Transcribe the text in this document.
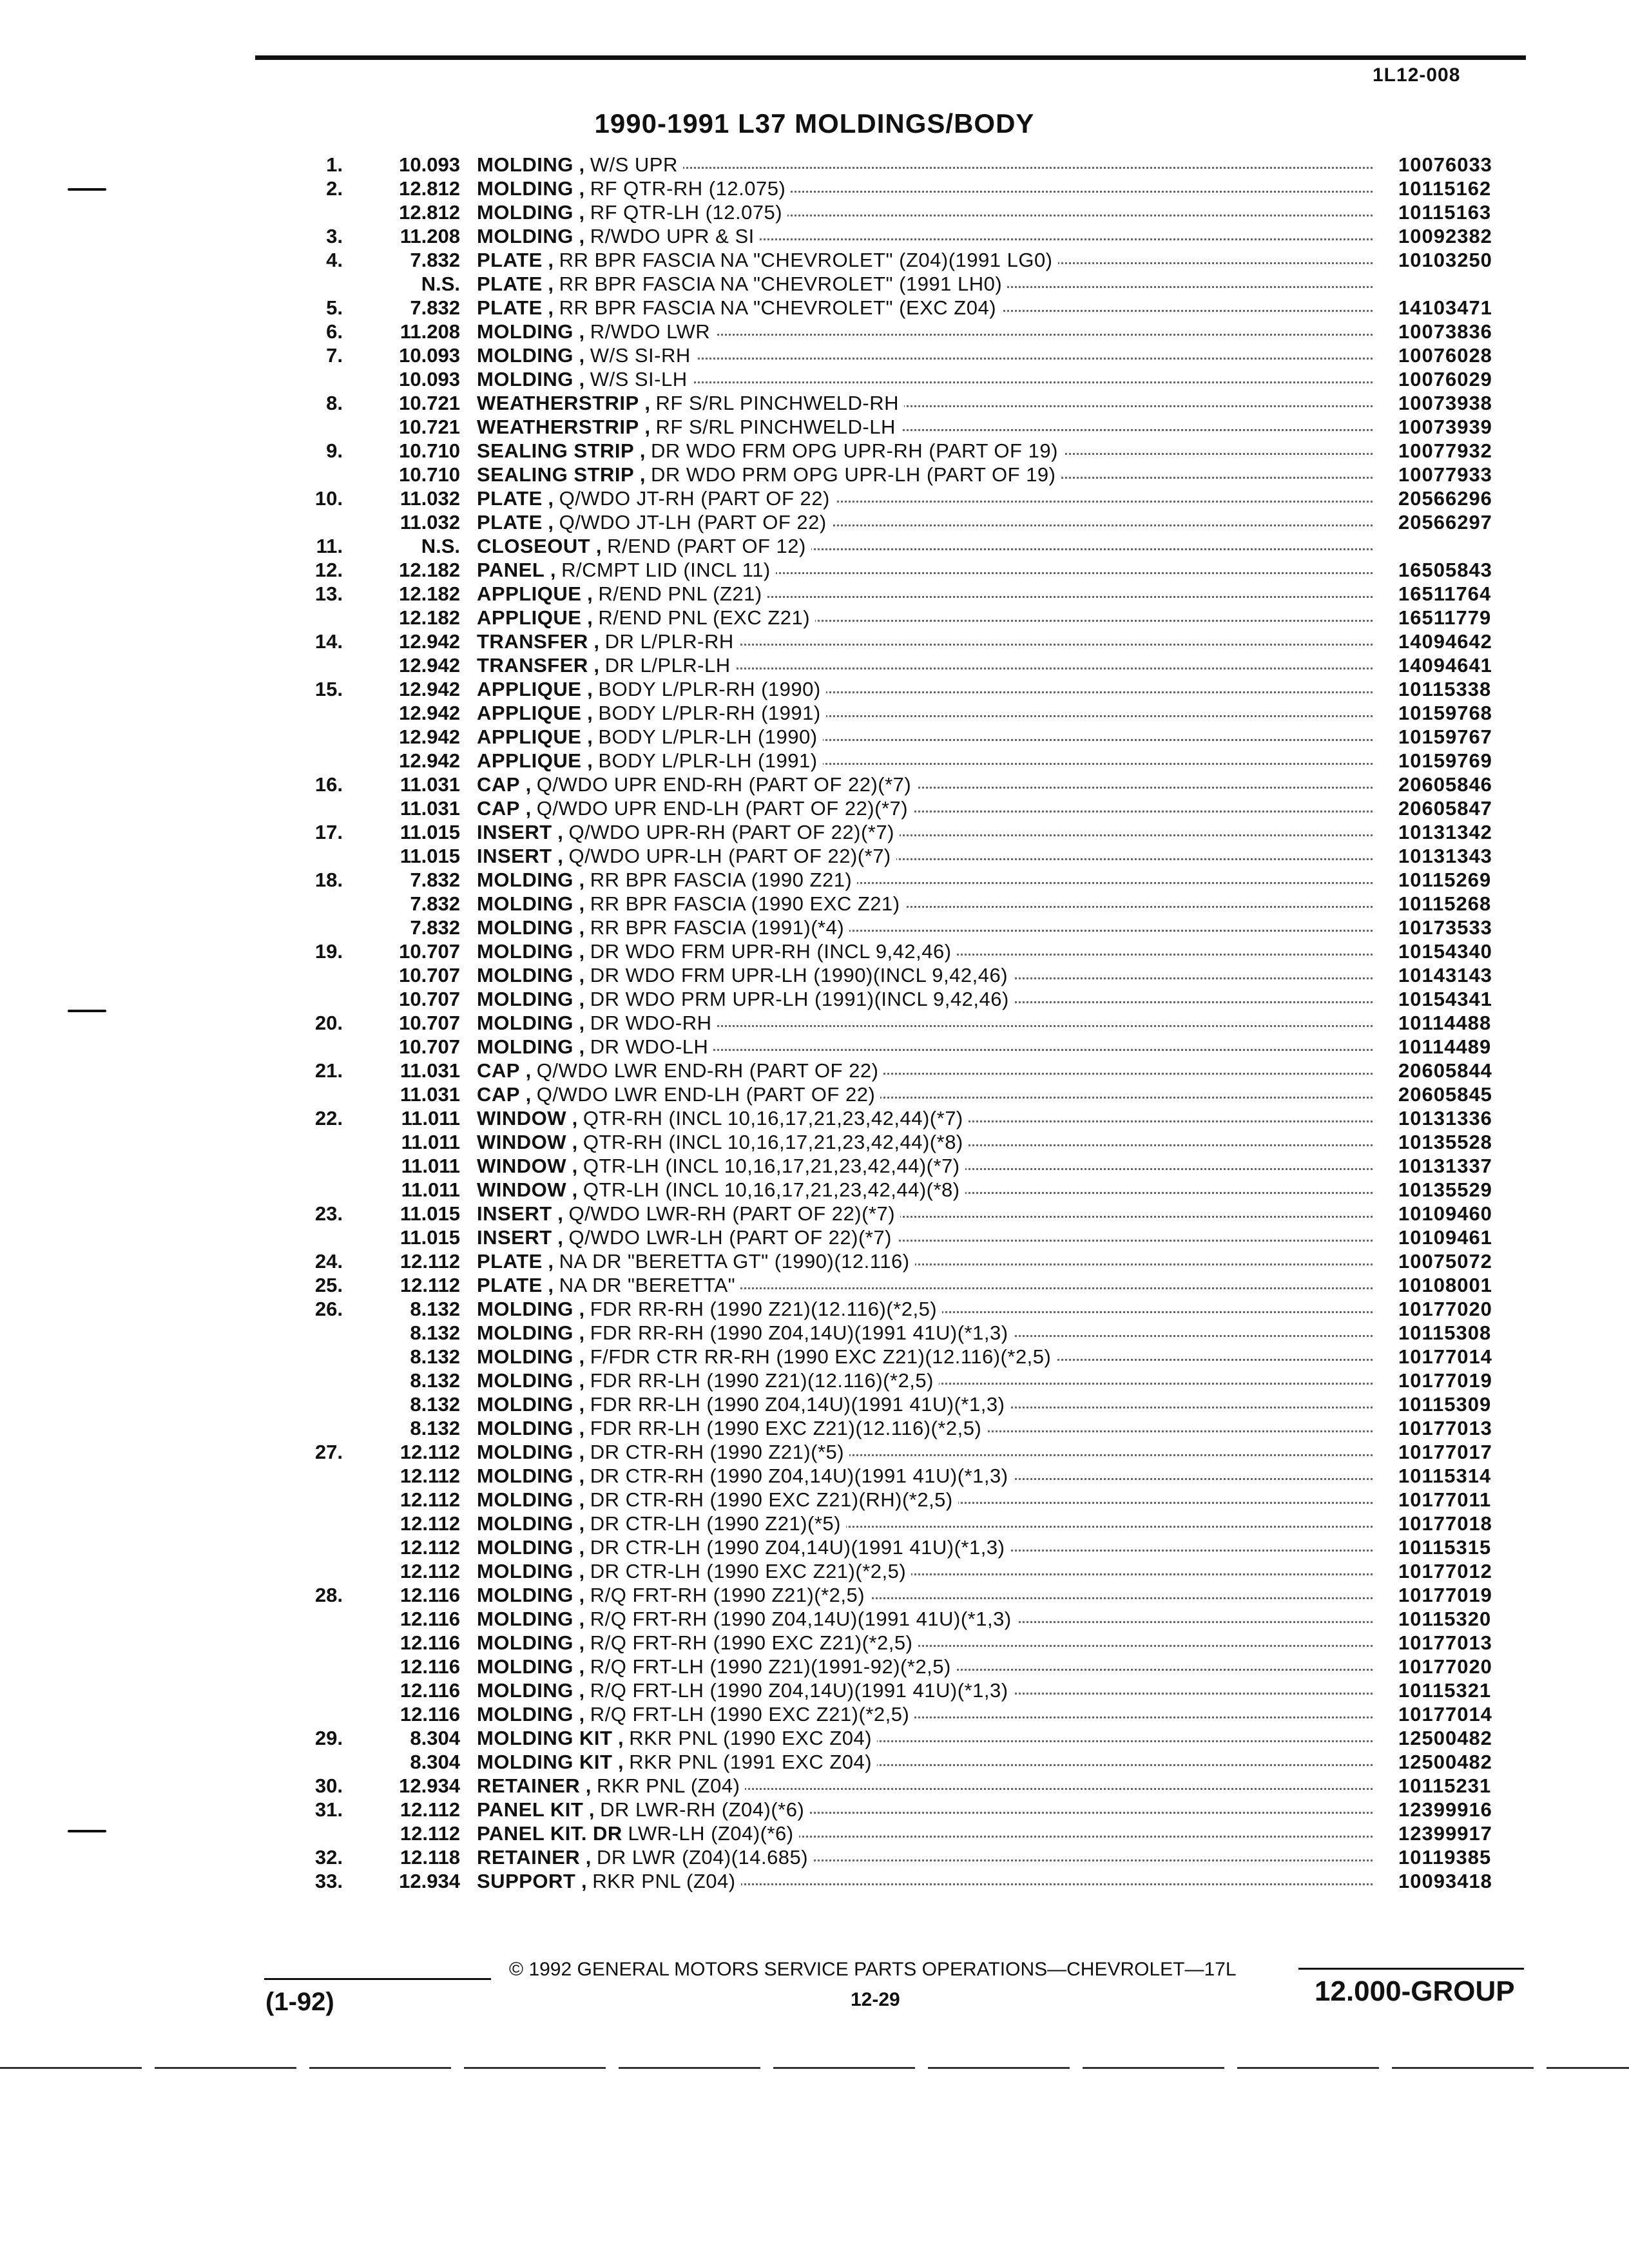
1L12-008
1990-1991 L37 MOLDINGS/BODY
1.	10.093 MOLDING , W/S UPR	10076033
2.	12.812 MOLDING , RF QTR-RH (12.075)	10115162
12.812 MOLDING , RF QTR-LH (12.075)	10115163
3.	11.208 MOLDING , R/WDO UPR & SI	10092382
4.	7.832 PLATE , RR BPR FASCIA NA "CHEVROLET" (Z04)(1991 LG0)	10103250
N.S. PLATE , RR BPR FASCIA NA "CHEVROLET" (1991 LH0)
5.	7.832 PLATE , RR BPR FASCIA NA "CHEVROLET" (EXC Z04)	14103471
6.	11.208 MOLDING , R/WDO LWR	10073836
7.	10.093 MOLDING , W/S SI-RH	10076028
10.093 MOLDING , W/S SI-LH	10076029
8.	10.721 WEATHERSTRIP , RF S/RL PINCHWELD-RH	10073938
10.721 WEATHERSTRIP , RF S/RL PINCHWELD-LH	10073939
9.	10.710 SEALING STRIP , DR WDO FRM OPG UPR-RH (PART OF 19)	10077932
10.710 SEALING STRIP , DR WDO PRM OPG UPR-LH (PART OF 19)	10077933
10.	11.032 PLATE , Q/WDO JT-RH (PART OF 22)	20566296
11.032 PLATE , Q/WDO JT-LH (PART OF 22)	20566297
11.	N.S. CLOSEOUT , R/END (PART OF 12)
12.	12.182 PANEL , R/CMPT LID (INCL 11)	16505843
13.	12.182 APPLIQUE , R/END PNL (Z21)	16511764
12.182 APPLIQUE , R/END PNL (EXC Z21)	16511779
14.	12.942 TRANSFER , DR L/PLR-RH	14094642
12.942 TRANSFER , DR L/PLR-LH	14094641
15.	12.942 APPLIQUE , BODY L/PLR-RH (1990)	10115338
12.942 APPLIQUE , BODY L/PLR-RH (1991)	10159768
12.942 APPLIQUE , BODY L/PLR-LH (1990)	10159767
12.942 APPLIQUE , BODY L/PLR-LH (1991)	10159769
16.	11.031 CAP , Q/WDO UPR END-RH (PART OF 22)(*7)	20605846
11.031 CAP , Q/WDO UPR END-LH (PART OF 22)(*7)	20605847
17.	11.015 INSERT , Q/WDO UPR-RH (PART OF 22)(*7)	10131342
11.015 INSERT , Q/WDO UPR-LH (PART OF 22)(*7)	10131343
18.	7.832 MOLDING , RR BPR FASCIA (1990 Z21)	10115269
7.832 MOLDING , RR BPR FASCIA (1990 EXC Z21)	10115268
7.832 MOLDING , RR BPR FASCIA (1991)(*4)	10173533
19.	10.707 MOLDING , DR WDO FRM UPR-RH (INCL 9,42,46)	10154340
10.707 MOLDING , DR WDO FRM UPR-LH (1990)(INCL 9,42,46)	10143143
10.707 MOLDING , DR WDO PRM UPR-LH (1991)(INCL 9,42,46)	10154341
20.	10.707 MOLDING , DR WDO-RH	10114488
10.707 MOLDING , DR WDO-LH	10114489
21.	11.031 CAP , Q/WDO LWR END-RH (PART OF 22)	20605844
11.031 CAP , Q/WDO LWR END-LH (PART OF 22)	20605845
22.	11.011 WINDOW , QTR-RH (INCL 10,16,17,21,23,42,44)(*7)	10131336
11.011 WINDOW , QTR-RH (INCL 10,16,17,21,23,42,44)(*8)	10135528
11.011 WINDOW , QTR-LH (INCL 10,16,17,21,23,42,44)(*7)	10131337
11.011 WINDOW , QTR-LH (INCL 10,16,17,21,23,42,44)(*8)	10135529
23.	11.015 INSERT , Q/WDO LWR-RH (PART OF 22)(*7)	10109460
11.015 INSERT , Q/WDO LWR-LH (PART OF 22)(*7)	10109461
24.	12.112 PLATE , NA DR "BERETTA GT" (1990)(12.116)	10075072
25.	12.112 PLATE , NA DR "BERETTA"	10108001
26.	8.132 MOLDING , FDR RR-RH (1990 Z21)(12.116)(*2,5)	10177020
8.132 MOLDING , FDR RR-RH (1990 Z04,14U)(1991 41U)(*1,3)	10115308
8.132 MOLDING , F/FDR CTR RR-RH (1990 EXC Z21)(12.116)(*2,5)	10177014
8.132 MOLDING , FDR RR-LH (1990 Z21)(12.116)(*2,5)	10177019
8.132 MOLDING , FDR RR-LH (1990 Z04,14U)(1991 41U)(*1,3)	10115309
8.132 MOLDING , FDR RR-LH (1990 EXC Z21)(12.116)(*2,5)	10177013
27.	12.112 MOLDING , DR CTR-RH (1990 Z21)(*5)	10177017
12.112 MOLDING , DR CTR-RH (1990 Z04,14U)(1991 41U)(*1,3)	10115314
12.112 MOLDING , DR CTR-RH (1990 EXC Z21)(RH)(*2,5)	10177011
12.112 MOLDING , DR CTR-LH (1990 Z21)(*5)	10177018
12.112 MOLDING , DR CTR-LH (1990 Z04,14U)(1991 41U)(*1,3)	10115315
12.112 MOLDING , DR CTR-LH (1990 EXC Z21)(*2,5)	10177012
28.	12.116 MOLDING , R/Q FRT-RH (1990 Z21)(*2,5)	10177019
12.116 MOLDING , R/Q FRT-RH (1990 Z04,14U)(1991 41U)(*1,3)	10115320
12.116 MOLDING , R/Q FRT-RH (1990 EXC Z21)(*2,5)	10177013
12.116 MOLDING , R/Q FRT-LH (1990 Z21)(1991-92)(*2,5)	10177020
12.116 MOLDING , R/Q FRT-LH (1990 Z04,14U)(1991 41U)(*1,3)	10115321
12.116 MOLDING , R/Q FRT-LH (1990 EXC Z21)(*2,5)	10177014
29.	8.304 MOLDING KIT , RKR PNL (1990 EXC Z04)	12500482
8.304 MOLDING KIT , RKR PNL (1991 EXC Z04)	12500482
30.	12.934 RETAINER , RKR PNL (Z04)	10115231
31.	12.112 PANEL KIT , DR LWR-RH (Z04)(*6)	12399916
12.112 PANEL KIT. DR LWR-LH (Z04)(*6)	12399917
32.	12.118 RETAINER , DR LWR (Z04)(14.685)	10119385
33.	12.934 SUPPORT , RKR PNL (Z04)	10093418
© 1992 GENERAL MOTORS SERVICE PARTS OPERATIONS—CHEVROLET—17L
(1-92)	12-29	12.000-GROUP
